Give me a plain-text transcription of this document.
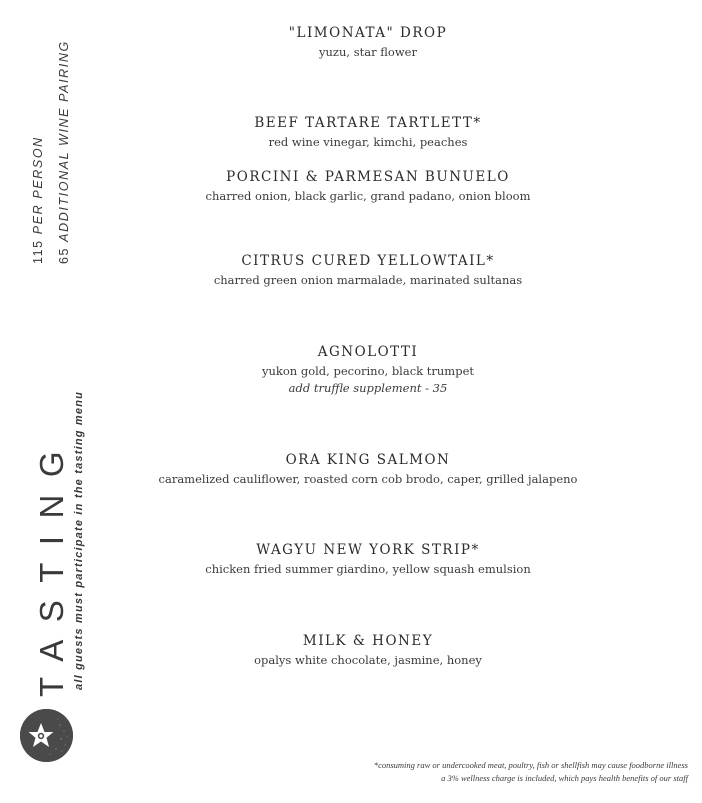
115 PER PERSON
65 ADDITIONAL WINE PAIRING
TASTING all guests must participate in the tasting menu
"LIMONATA" DROP
yuzu, star flower
BEEF TARTARE TARTLETT*
red wine vinegar, kimchi, peaches
PORCINI & PARMESAN BUNUELO
charred onion, black garlic, grand padano, onion bloom
CITRUS CURED YELLOWTAIL*
charred green onion marmalade, marinated sultanas
AGNOLOTTI
yukon gold, pecorino, black trumpet
add truffle supplement - 35
ORA KING SALMON
caramelized cauliflower, roasted corn cob brodo, caper, grilled jalapeno
WAGYU NEW YORK STRIP*
chicken fried summer giardino, yellow squash emulsion
MILK & HONEY
opalys white chocolate, jasmine, honey
*consuming raw or undercooked meat, poultry, fish or shellfish may cause foodborne illness
a 3% wellness charge is included, which pays health benefits of our staff
